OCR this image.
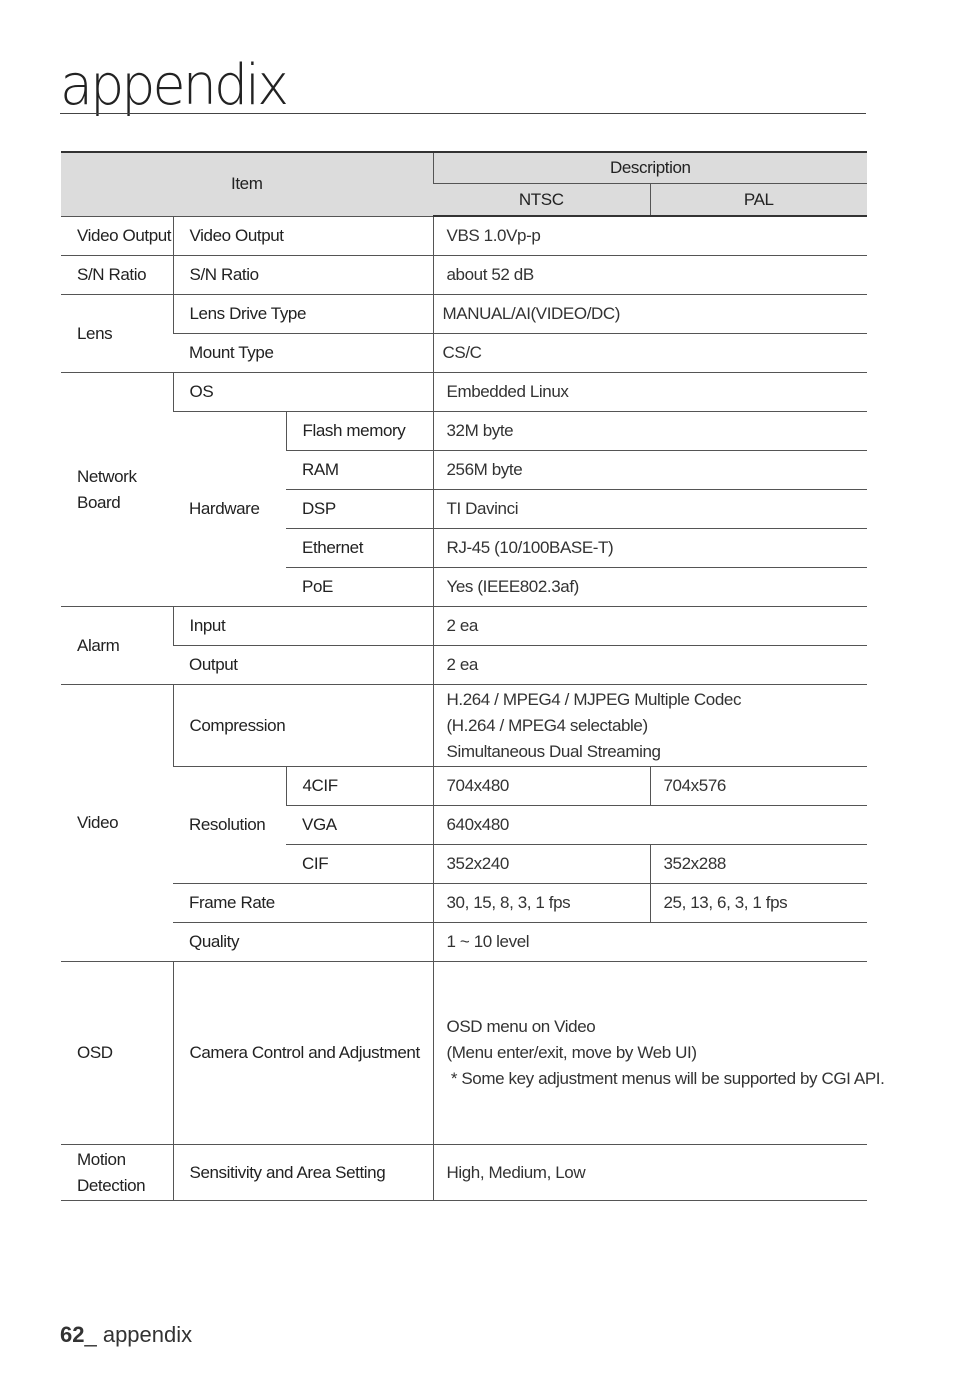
appendix
Item			Description	
			NTSC	PAL
Video Output	Video Output		VBS 1.0Vp-p	
S/N Ratio	S/N Ratio		about 52 dB	
Lens	Lens Drive Type		MANUAL/AI(VIDEO/DC)	
	Mount Type		CS/C	

Network
Board	OS		Embedded Linux	
	Hardware	Flash memory	32M byte	
		RAM	256M byte	
		DSP	TI Davinci	
		Ethernet	RJ-45 (10/100BASE-T)	
		PoE	Yes (IEEE802.3af)	
Alarm	Input		2 ea	
	Output		2 ea	
Video	Compression		H.264 / MPEG4 / MJPEG Multiple Codec
(H.264 / MPEG4 selectable)
Simultaneous Dual Streaming	

	Resolution	4CIF	704x480	704x576
		VGA	640x480	
		CIF	352x240	352x288
	Frame Rate		30, 15, 8, 3, 1 fps	25, 13, 6, 3, 1 fps
	Quality		1 ~ 10 level	
OSD	Camera Control and Adjustment		OSD menu on Video
(Menu enter/exit, move by Web UI)
* Some key adjustment menus will be supported by CGI API.	

Motion
Detection	Sensitivity and Area Setting		High, Medium, Low	
62_ appendix
